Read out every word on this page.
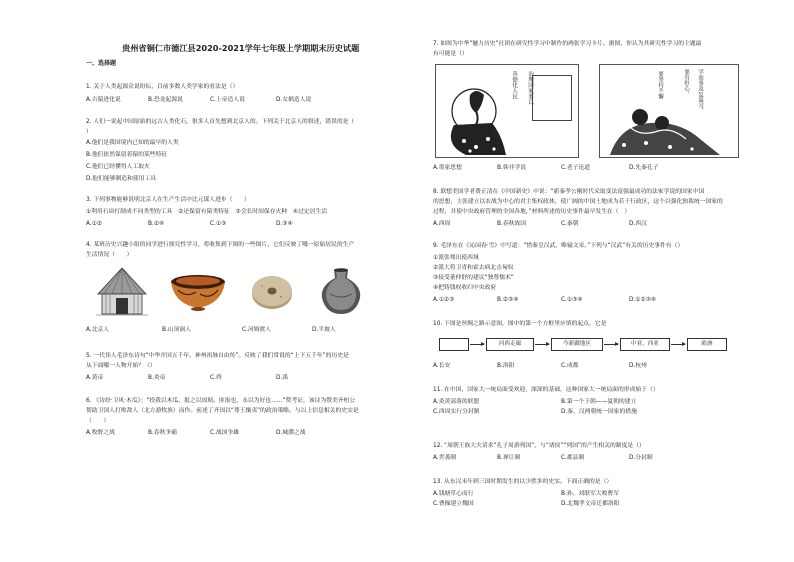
贵州省铜仁市德江县2020-2021学年七年级上学期期末历史试题
一、选择题
1. 关于人类起源众说纷纭，目前多数人类学家的看法是（）
A.古猿进化说	B.恐龙起源说	C.上帝造人说	D.女娲造人说
2. 人们一说起中国原始的远古人类化石，很多人首先想到北京人的。下列关于北京人的叙述，错误的是（
）
A.他们是我国境内已知的最早的人类
B.他们依然保留着猿的某些特征
C.他们已经懂得人工取火
D.他们能够制造和使用工具
3. 下列事物能够说明北京人在生产生活中比元谋人进步（　　）
①利用石块打制成不同类型的工具　②还保留有猿类特征　③会长时间保存火种　④过定居生活
A.①②	B.②④	C.①③	D.③④
4. 某班历史兴趣小组的同学进行探究性学习，将收集到下图的一些图片，它们反映了哪一原始居民的生产
生活情况（　　）
A.北京人	B.山顶洞人	C.河姆渡人	D.半坡人
5. 一代伟人毛泽东诗句“中华开国五千年，神州祖脉自由传”。反映了我们常说的“上下五千年”的历史是
从下面哪一人物开始？（）
A.黄帝	B.炎帝	C.舜	D.禹
6. 《诗经·卫风·木瓜》：“投我以木瓜，报之以琼琚。匪报也，永以为好也……”赞考证，该诗为赞美齐桓公
帮助卫国人打败敌人（北方游牧族）而作。前述了齐国以“尊王攘夷”的政治策略。与以上信息相关的史实是
（　　）
A.牧野之战	B.春秋争霸	C.战国争雄	D.城濮之战
7. 如图为中华“魅力历史”社团在研究性学习中制作的两张学习卡片。据图，你认为其研究性学习的主题最
有可能是（）
治理国家要以
善德化人民	要坚持不懈	学而事及复温习，
要有恒心，
A.墨家思想	B.韩非学说	C.老子论道	D.先秦孔子
8. 联想美国学者费正清在《中国新史》中说：“新秦孝公刚时代采取变法富强最成功的法家学说的国家中国
的思想，主张建立以农战为中心的君主集权政体，使广阔的中国土地成为若干行政区，这个以强化独裁统一国家的
过程，并使中央政府管理的全国各地，”材料所述的历史事件最早发生在（　）
A.西周	B.春秋战国	C.秦朝	D.西汉
9. 毛泽东在《沁园春·雪》中写道：“惜秦皇汉武，略输文采。”下列与“汉武”有关的历史事件有（）
①派张骞出使西域
②派大将卫青和霍去病北击匈奴
③接受董仲舒的建议“独尊儒术”
④把铸钱权收归中央政府
A.①②③	B.②③④	C.①③④	D.①②③④
10. 下图是丝绸之路示意图，图中的第一个方框里应填的起点，它是
河西走廊	今新疆地区	中亚、西亚	欧洲
A.长安	B.洛阳	C.成都	D.杭州
11. 在中国，国家大一统局面受欢迎，深深的基础，这种国家大一统局面的形成始于（）
A.炎黄部落的联盟	B.第一个王朝——夏朝的建立
C.西周实行分封制	D.秦，汉两朝统一国家的措施
12. “周朝王族大夫请求“孔子周游列国”，与“诸侯”“列国”的产生相关的制度是（）
A.世袭制	B.禅让制	C.郡县制	D.分封制
13. 从东汉末年到三国时期发生的以少胜多的史实。下面正确的是（）
A.钱塘草心而行	B.孙、刘联军大败曹军
C.曹操建立魏国	D.北魏孝文帝迁都洛阳
